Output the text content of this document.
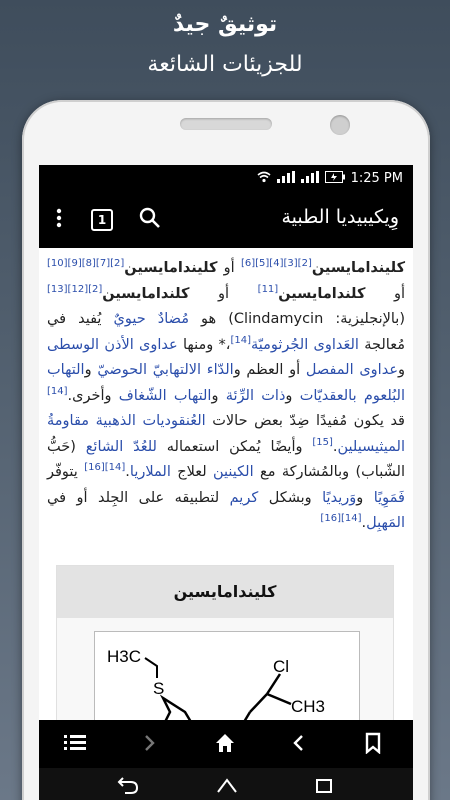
توثيقٌ جيدٌ
للجزيئات الشائعة
1:25 PM
1	وِيكيبيديا الطبية

كليندامايسين[2][3][4][5][6] أو كليندامايسين[2][7][8][9][10] أو كلندامايسين[11] أو كلندامايسين[2][12][13] (بالإنجليزية: Clindamycin) هو مُضادٌ حيويٌ يُفيد في مُعالجة العَداوى الجُرثوميّة[14]،* ومنها عداوى الأذن الوسطى وعداوى المفصل أو العظم والدّاء الالتهابيّ الحوضيّ والتهاب البُلعوم بالعقديّات وذات الرِّئة والتهاب الشّغاف وأخرى.[14] قد يكون مُفيدًا ضِدّ بعض حالات العُنقوديات الذهبية مقاومةُ الميثيسيلين.[15] وأيضًا يُمكن استعماله للعُدّ الشائع (حَبُّ الشّباب) وبالمُشاركة مع الكينين لعلاج الملاريا.[14][16] يتوفّر فَمَوِيًا ووَريديًا وبشكل كريم لتطبيقه على الجِلد أو في المَهبِل.[14][16]

كليندامايسين
H3C
S
Cl
CH3
